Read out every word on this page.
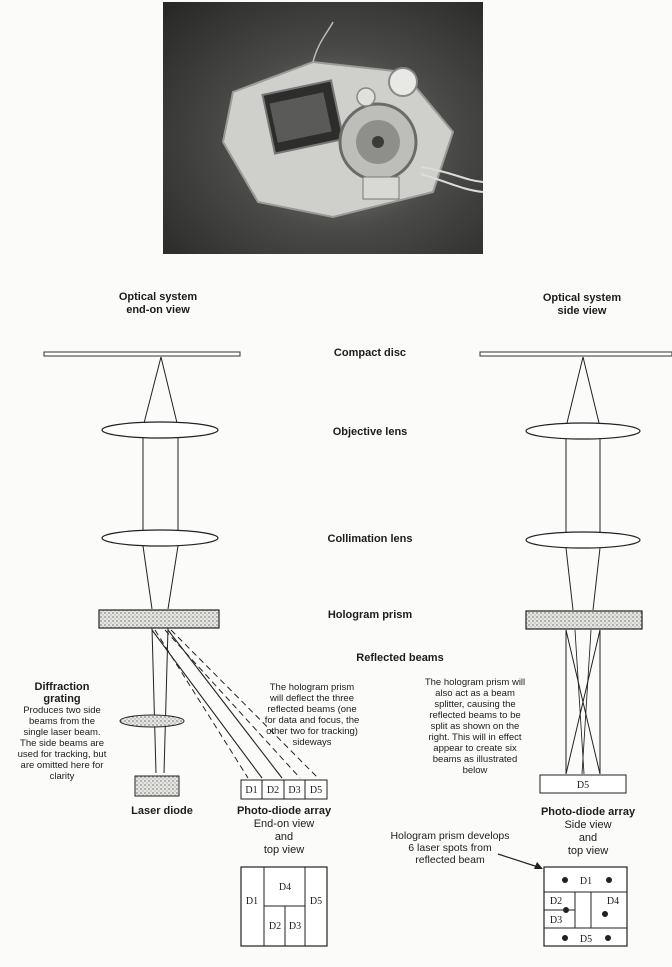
D1 D2 D3 D5
D1
D4
D5
D2 D3
D5
D1
D2
D3
D4
D5
Optical system
end-on view
Optical system
side view
Compact disc
Objective lens
Collimation lens
Hologram prism
Reflected beams
Laser diode
Diffraction
grating
Produces two side
beams from the
single laser beam.
The side beams are
used for tracking, but
are omitted here for
clarity
The hologram prism
will deflect the three
reflected beams (one
for data and focus, the
other two for tracking)
sideways
The hologram prism will
also act as a beam
splitter, causing the
reflected beams to be
split as shown on the
right. This will in effect
appear to create six
beams as illustrated
below
Photo-diode array
End-on view
and
top view
Photo-diode array
Side view
and
top view
Hologram prism develops
6 laser spots from
reflected beam
